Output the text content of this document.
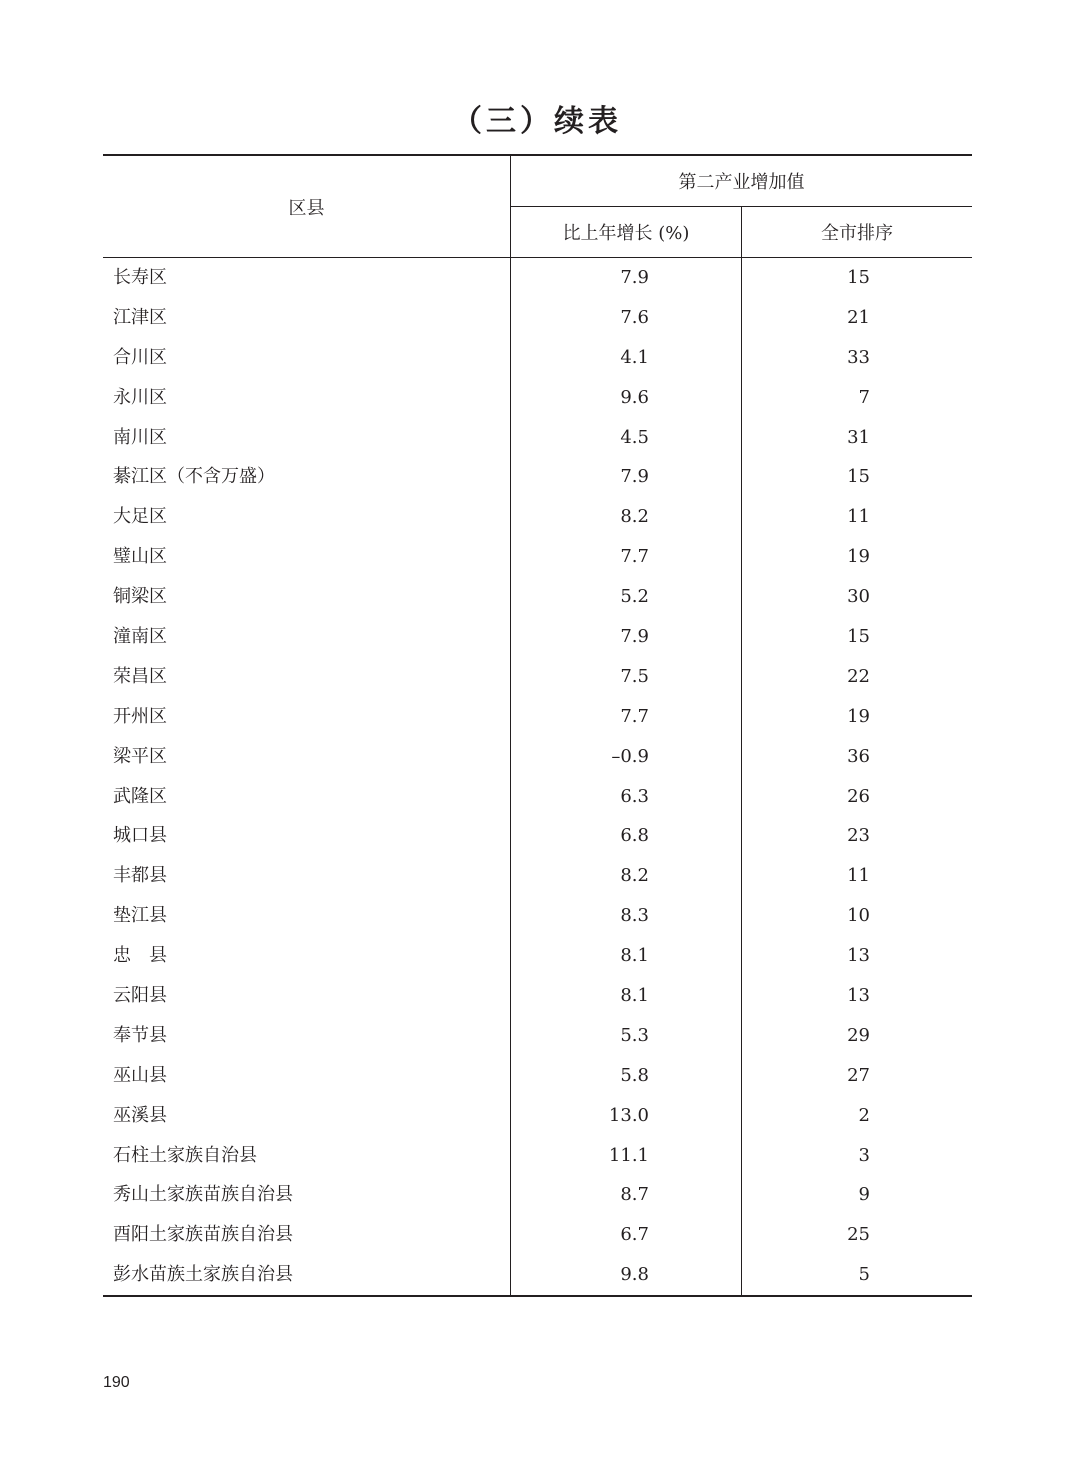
（三）续表
区县
第二产业增加值
比上年增长 (%)	全市排序
长寿区	7.9	15
江津区	7.6	21
合川区	4.1	33
永川区	9.6	7
南川区	4.5	31
綦江区（不含万盛）	7.9	15
大足区	8.2	11
璧山区	7.7	19
铜梁区	5.2	30
潼南区	7.9	15
荣昌区	7.5	22
开州区	7.7	19
梁平区	–0.9	36
武隆区	6.3	26
城口县	6.8	23
丰都县	8.2	11
垫江县	8.3	10
忠　县	8.1	13
云阳县	8.1	13
奉节县	5.3	29
巫山县	5.8	27
巫溪县	13.0	2
石柱土家族自治县	11.1	3
秀山土家族苗族自治县	8.7	9
酉阳土家族苗族自治县	6.7	25
彭水苗族土家族自治县	9.8	5
190
